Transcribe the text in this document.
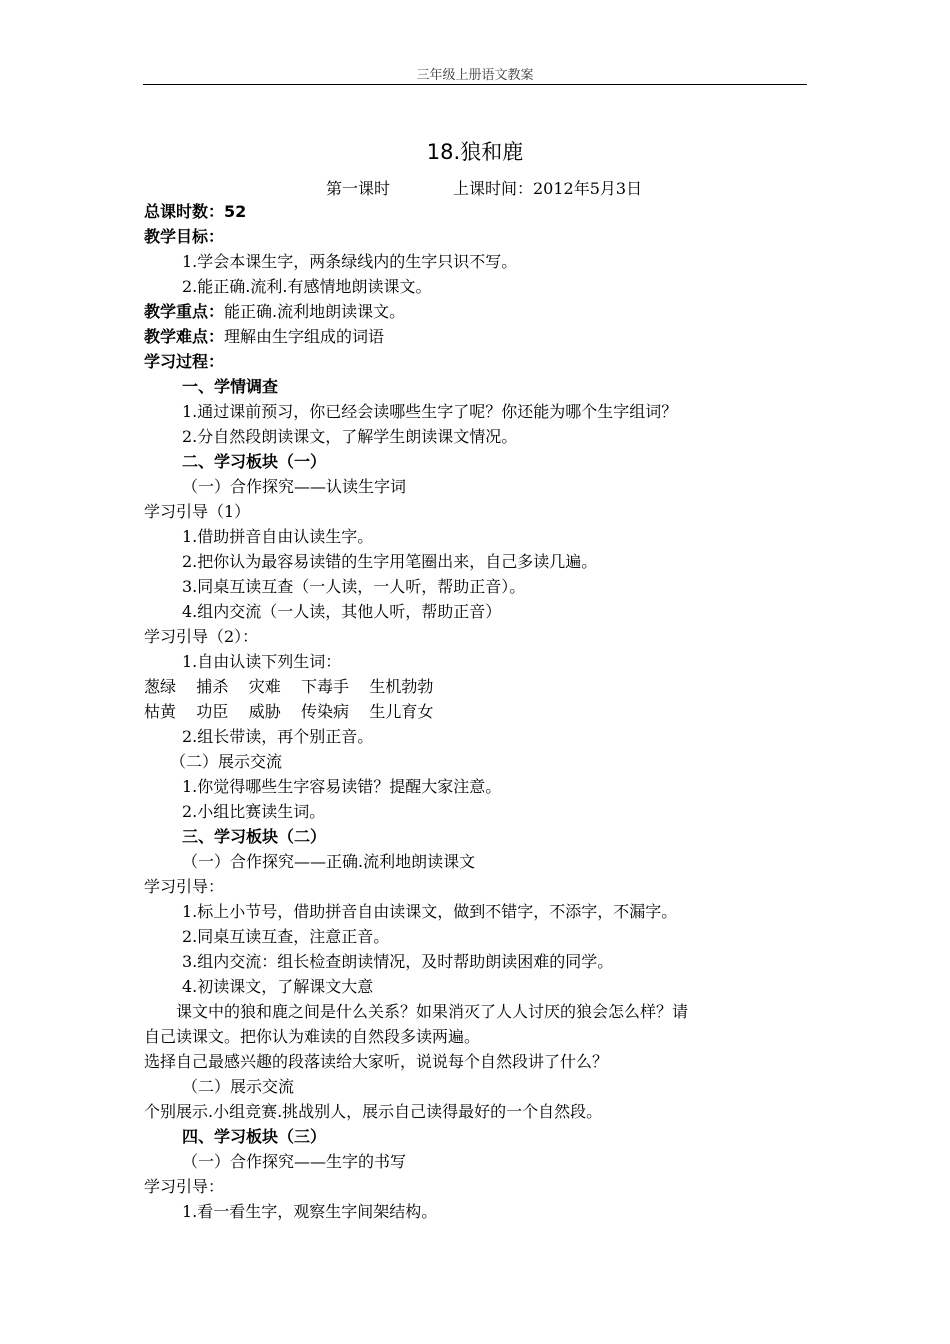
三年级上册语文教案
18.狼和鹿
第一课时	上课时间：2012年5月3日
总课时数：52
教学目标：
1.学会本课生字，两条绿线内的生字只识不写。
2.能正确.流利.有感情地朗读课文。
教学重点：能正确.流利地朗读课文。
教学难点：理解由生字组成的词语
学习过程：
一、学情调查
1.通过课前预习，你已经会读哪些生字了呢？你还能为哪个生字组词？
2.分自然段朗读课文，了解学生朗读课文情况。
二、学习板块（一）
（一）合作探究——认读生字词
学习引导（1）
1.借助拼音自由认读生字。
2.把你认为最容易读错的生字用笔圈出来，自己多读几遍。
3.同桌互读互查（一人读，一人听，帮助正音）。
4.组内交流（一人读，其他人听，帮助正音）
学习引导（2）：
1.自由认读下列生词：
葱绿    捕杀    灾难    下毒手    生机勃勃
枯黄    功臣    威胁    传染病    生儿育女
2.组长带读，再个别正音。
（二）展示交流
1.你觉得哪些生字容易读错？提醒大家注意。
2.小组比赛读生词。
三、学习板块（二）
（一）合作探究——正确.流利地朗读课文
学习引导：
1.标上小节号，借助拼音自由读课文，做到不错字，不添字，不漏字。
2.同桌互读互查，注意正音。
3.组内交流：组长检查朗读情况，及时帮助朗读困难的同学。
4.初读课文，了解课文大意
课文中的狼和鹿之间是什么关系？如果消灭了人人讨厌的狼会怎么样？请
自己读课文。把你认为难读的自然段多读两遍。
选择自己最感兴趣的段落读给大家听，说说每个自然段讲了什么？
（二）展示交流
个别展示.小组竞赛.挑战别人，展示自己读得最好的一个自然段。
四、学习板块（三）
（一）合作探究——生字的书写
学习引导：
1.看一看生字，观察生字间架结构。
